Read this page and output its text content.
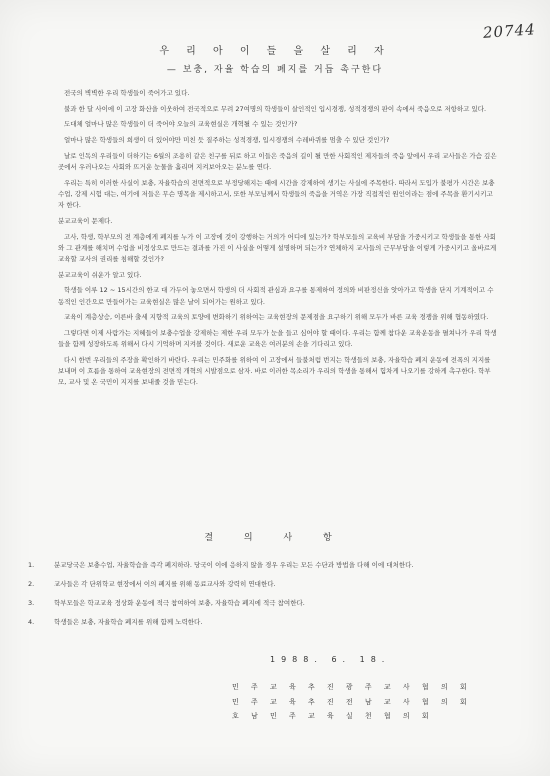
20744
우 리 아 이 들 을 살 리 자
— 보충, 자율 학습의 폐지를 거듭 촉구한다

전국의 벽벽한 우리 학생들이 죽어가고 있다.

불과 한 달 사이에 이 고장 화산을 이웃하여 전국적으로 무려 27여명의 학생들이 살인적인 입시경쟁, 성적경쟁의 판이 속에서 죽음으로 저항하고 있다.

도대체 얼마나 많은 학생들이 더 죽어야 오늘의 교육현실은 개혁될 수 있는 것인가?

얼마나 많은 학생들의 희생이 더 있어야만 미친 듯 질주하는 성적경쟁, 입시경쟁의 수레바퀴를 멈출 수 있단 것인가?

날로 인독의 우리들이 더하기는 6월의 조용히 같은 친구를 뒤로 하고 이들은 죽음의 길이 될 만한 사회적인 제자들의 죽음 앞에서 우리 교사들은 가슴 깊은 곳에서 우러나오는 사회와 뜨거운 눈물을 흘리며 지켜보아오는 분노를 연다.

우리는 특히 이러한 사실이 보충, 자율학습의 전면적으로 부정당해지는 때에 시간을 강제하여 생기는 사실에 주목한다. 따라서 도입가 불평가 시간은 보충수업, 강제 시험 대는, 여기에 저들은 무슨 명목을 제시하고서, 또한 부모님께서 학생들의 죽음을 거역은 가장 직접적인 원인이라는 점에 주목을 환기시키고자 한다.

분교교육이 문제다.

고사, 학생, 학부모의 전 계층에게 폐지를 누가 이 고장에 것이 강행하는 거의가 어디에 있는가? 학부모들의 교육비 부담을 가중시키고 학생들을 통한 사회와 그 관계를 해치며 수업을 비정상으로 만드는 결과를 가진 이 사실을 어떻게 설명하며 되는가? 연체하지 교사들의 근무부담을 이렇게 가중시키고 올바르게 교육할 교사의 권리를 침해할 것인가?

분교교육이 쉬운가 알고 있다.

학생들 이루 12 ~ 15시간의 한교 대 가두어 놓으면서 학생의 더 사회적 관심과 요구를 통제하여 정의와 비판정신을 앗아가고 학생을 단지 기계적이고 수동적인 인간으로 만들어가는 교육현실은 많은 날이 되어가는 원하고 있다.

교육이 계층상승, 이른바 출세 지향적 교육의 토양에 변화하기 위하여는 교육현장의 문제점을 요구하기 위해 모두가 바른 교육 경쟁을 위해 협동하였다.

그렇다면 이제 사람가는 지혜들이 보충수업을 강제하는 제한 우리 모두가 눈을 들고 심어야 할 때이다. 우리는 함께 참다운 교육운동을 펼쳐나가 우리 학생들을 함께 성장하도록 위해서 다시 기억하며 지켜볼 것이다. 새로운 교육은 여러분의 손을 기다리고 있다.

다시 한번 우리들의 주장을 확인하기 바란다. 우리는 민주화를 위하여 이 고장에서 들불처럼 번지는 학생들의 보충, 자율학습 폐지 운동에 전폭의 지지를 보내며 이 흐름을 통하여 교육현장의 전면적 개혁의 시발점으로 삼자. 바로 이러한 목소리가 우리의 학생을 통해서 힘차게 나오기를 강하게 촉구한다. 학부모, 교사 및 온 국민이 지지를 보내줄 것을 믿는다.

결 의 사 항
1.	분교당국은 보충수업, 자율학습을 즉각 폐지하라. 당국이 이에 응하지 않을 경우 우리는 모든 수단과 방법을 다해 이에 대처한다.
2.	교사들은 각 단위학교 현장에서 이의 폐지를 위해 동료교사와 강력히 연대한다.
3.	학부모들은 학교교육 정상화 운동에 적극 참여하여 보충, 자율학습 폐지에 적극 참여한다.
4.	학생들은 보충, 자율학습 폐지를 위해 함께 노력한다.
1988. 6. 18.
민 주 교 육 추 진 광 주 교 사 협 의 회
민 주 교 육 추 진 전 남 교 사 협 의 회
호 남 민 주 교 육 실 천 협 의 회
